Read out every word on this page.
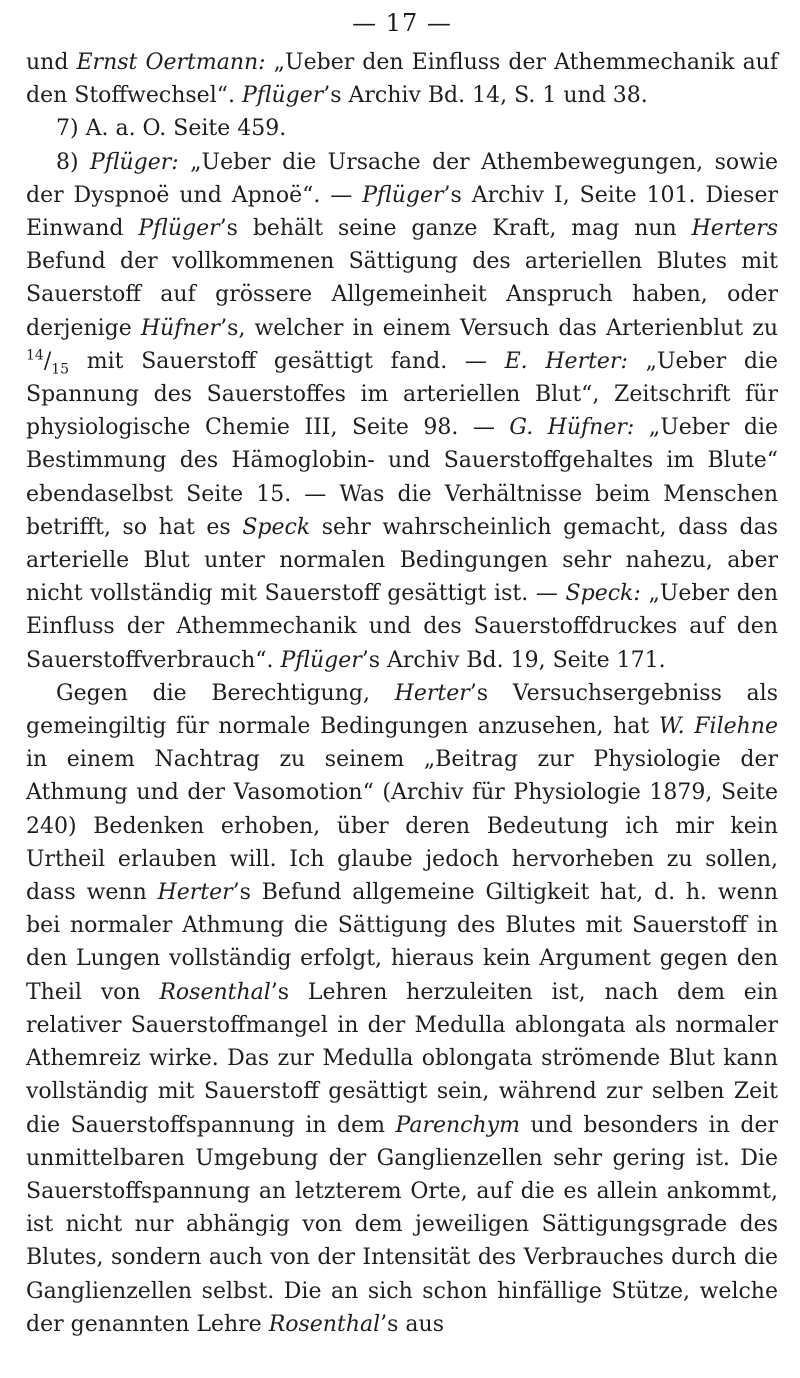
— 17 —

und Ernst Oertmann: „Ueber den Einfluss der Athemmechanik auf den Stoffwechsel“. Pflüger’s Archiv Bd. 14, S. 1 und 38.

7) A. a. O. Seite 459.

8) Pflüger: „Ueber die Ursache der Athembewegungen, sowie der Dyspnoë und Apnoë“. — Pflüger’s Archiv I, Seite 101. Dieser Einwand Pflüger’s behält seine ganze Kraft, mag nun Herters Befund der vollkommenen Sättigung des arteriellen Blutes mit Sauerstoff auf grössere Allgemeinheit Anspruch haben, oder derjenige Hüfner’s, welcher in einem Versuch das Arterienblut zu $^{14}/_{15}$ mit Sauerstoff gesättigt fand. — E. Herter: „Ueber die Spannung des Sauerstoffes im arteriellen Blut“, Zeitschrift für physiologische Chemie III, Seite 98. — G. Hüfner: „Ueber die Bestimmung des Hämoglobin- und Sauerstoffgehaltes im Blute“ ebendaselbst Seite 15. — Was die Verhältnisse beim Menschen betrifft, so hat es Speck sehr wahrscheinlich gemacht, dass das arterielle Blut unter normalen Bedingungen sehr nahezu, aber nicht vollständig mit Sauerstoff gesättigt ist. — Speck: „Ueber den Einfluss der Athemmechanik und des Sauerstoffdruckes auf den Sauerstoffverbrauch“. Pflüger’s Archiv Bd. 19, Seite 171.

Gegen die Berechtigung, Herter’s Versuchsergebniss als gemeingiltig für normale Bedingungen anzusehen, hat W. Filehne in einem Nachtrag zu seinem „Beitrag zur Physiologie der Athmung und der Vasomotion“ (Archiv für Physiologie 1879, Seite 240) Bedenken erhoben, über deren Bedeutung ich mir kein Urtheil erlauben will. Ich glaube jedoch hervorheben zu sollen, dass wenn Herter’s Befund allgemeine Giltigkeit hat, d. h. wenn bei normaler Athmung die Sättigung des Blutes mit Sauerstoff in den Lungen vollständig erfolgt, hieraus kein Argument gegen den Theil von Rosenthal’s Lehren herzuleiten ist, nach dem ein relativer Sauerstoffmangel in der Medulla ablongata als normaler Athemreiz wirke. Das zur Medulla oblongata strömende Blut kann vollständig mit Sauerstoff gesättigt sein, während zur selben Zeit die Sauerstoffspannung in dem Parenchym und besonders in der unmittelbaren Umgebung der Ganglienzellen sehr gering ist. Die Sauerstoffspannung an letzterem Orte, auf die es allein ankommt, ist nicht nur abhängig von dem jeweiligen Sättigungsgrade des Blutes, sondern auch von der Intensität des Verbrauches durch die Ganglienzellen selbst. Die an sich schon hinfällige Stütze, welche der genannten Lehre Rosenthal’s aus
